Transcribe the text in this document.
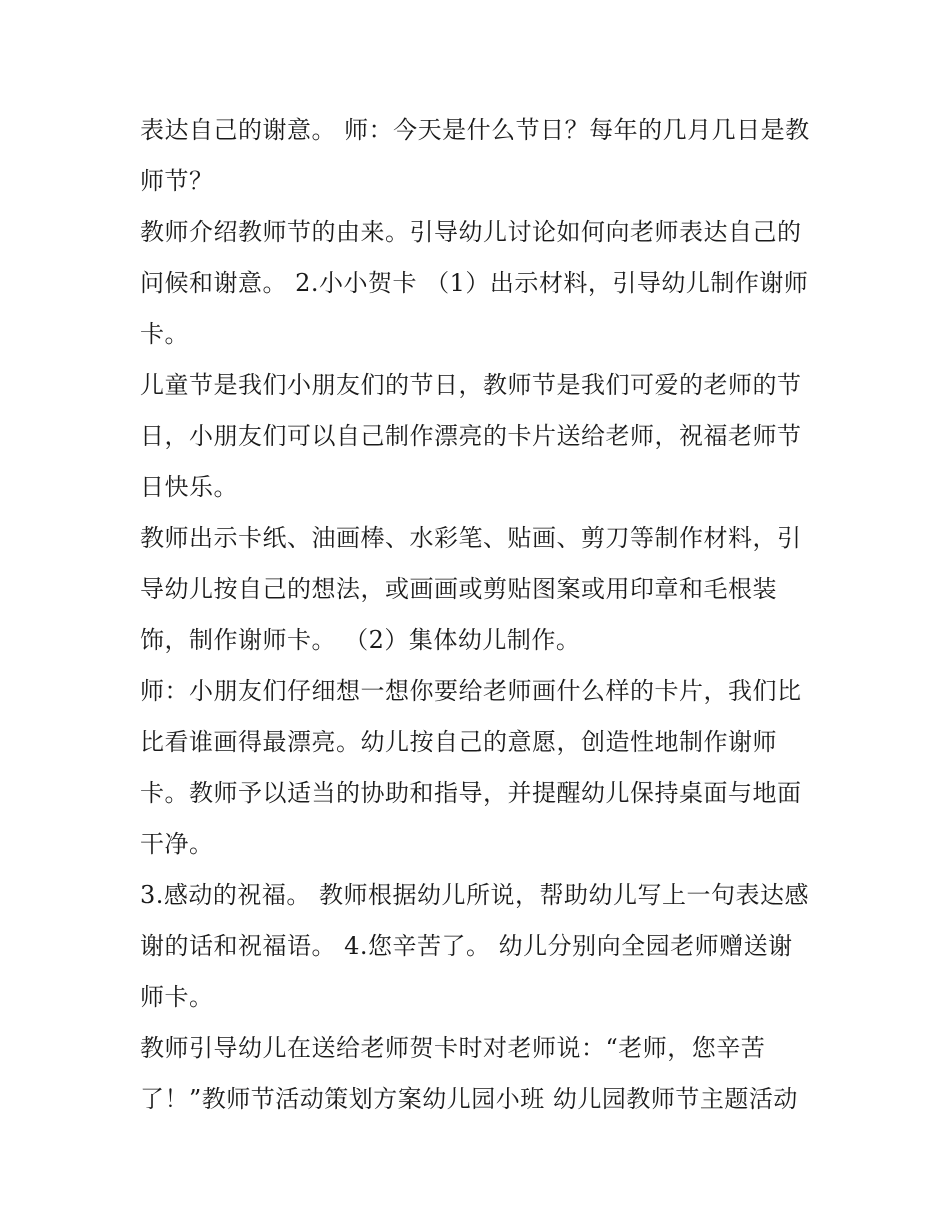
表达自己的谢意。 师：今天是什么节日？每年的几月几日是教师节？

教师介绍教师节的由来。引导幼儿讨论如何向老师表达自己的问候和谢意。 2.小小贺卡 （1）出示材料，引导幼儿制作谢师卡。

儿童节是我们小朋友们的节日，教师节是我们可爱的老师的节日，小朋友们可以自己制作漂亮的卡片送给老师，祝福老师节日快乐。

教师出示卡纸、油画棒、水彩笔、贴画、剪刀等制作材料，引导幼儿按自己的想法，或画画或剪贴图案或用印章和毛根装饰，制作谢师卡。 （2）集体幼儿制作。

师：小朋友们仔细想一想你要给老师画什么样的卡片，我们比比看谁画得最漂亮。幼儿按自己的意愿，创造性地制作谢师卡。教师予以适当的协助和指导，并提醒幼儿保持桌面与地面干净。

3.感动的祝福。 教师根据幼儿所说，帮助幼儿写上一句表达感谢的话和祝福语。 4.您辛苦了。 幼儿分别向全园老师赠送谢师卡。

教师引导幼儿在送给老师贺卡时对老师说：“老师，您辛苦了！”教师节活动策划方案幼儿园小班 幼儿园教师节主题活动
